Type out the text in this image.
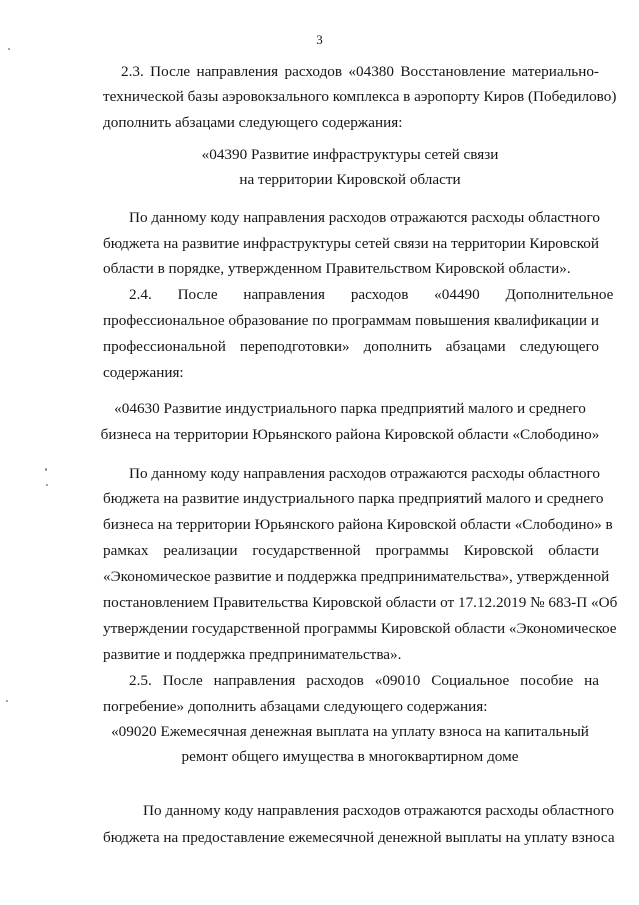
3
2.3. После направления расходов «04380 Восстановление материально-
технической базы аэровокзального комплекса в аэропорту Киров (Победилово)
дополнить абзацами следующего содержания:
«04390 Развитие инфраструктуры сетей связи
на территории Кировской области
По данному коду направления расходов отражаются расходы областного
бюджета на развитие инфраструктуры сетей связи на территории Кировской
области в порядке, утвержденном Правительством Кировской области».
2.4. После направления расходов «04490 Дополнительное
профессиональное образование по программам повышения квалификации и
профессиональной переподготовки» дополнить абзацами следующего
содержания:
«04630 Развитие индустриального парка предприятий малого и среднего
бизнеса на территории Юрьянского района Кировской области «Слободино»
По данному коду направления расходов отражаются расходы областного
бюджета на развитие индустриального парка предприятий малого и среднего
бизнеса на территории Юрьянского района Кировской области «Слободино» в
рамках реализации государственной программы Кировской области
«Экономическое развитие и поддержка предпринимательства», утвержденной
постановлением Правительства Кировской области от 17.12.2019 № 683-П «Об
утверждении государственной программы Кировской области «Экономическое
развитие и поддержка предпринимательства».
2.5. После направления расходов «09010 Социальное пособие на
погребение» дополнить абзацами следующего содержания:
«09020 Ежемесячная денежная выплата на уплату взноса на капитальный
ремонт общего имущества в многоквартирном доме
По данному коду направления расходов отражаются расходы областного
бюджета на предоставление ежемесячной денежной выплаты на уплату взноса
